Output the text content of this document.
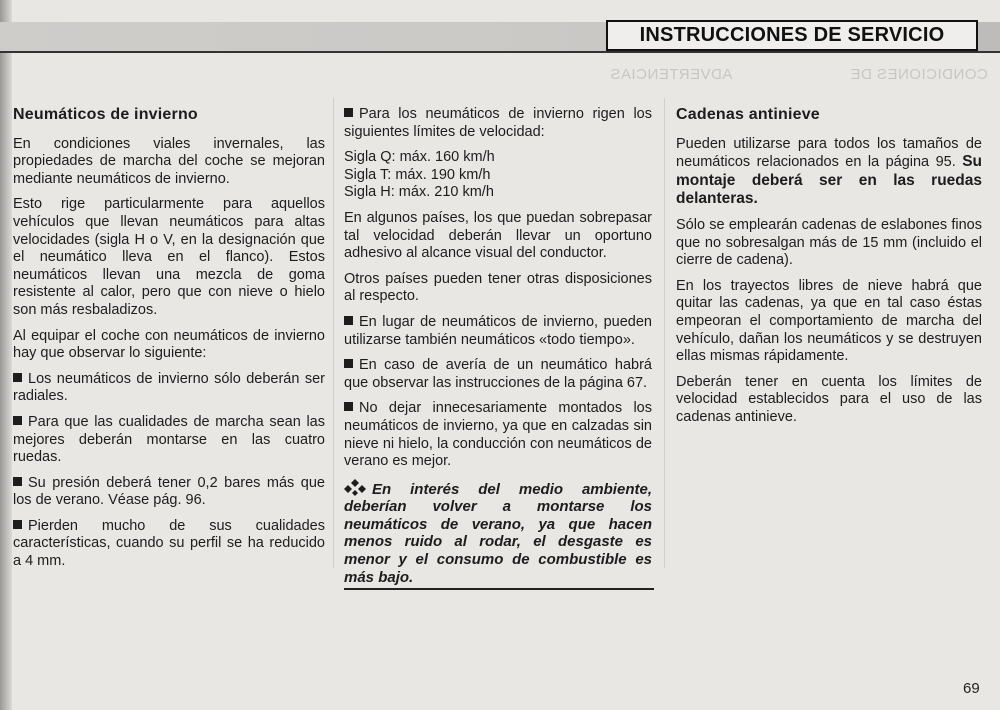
INSTRUCCIONES DE SERVICIO
CONDICIONES DE
ADVERTENCIAS
Neumáticos de invierno

En condiciones viales invernales, las propiedades de marcha del coche se mejoran mediante neumáticos de invierno.

Esto rige particularmente para aquellos vehículos que llevan neumáticos para altas velocidades (sigla H o V, en la designación que el neumático lleva en el flanco). Estos neumáticos llevan una mezcla de goma resistente al calor, pero que con nieve o hielo son más resbaladizos.

Al equipar el coche con neumáticos de invierno hay que observar lo siguiente:

Los neumáticos de invierno sólo deberán ser radiales.

Para que las cualidades de marcha sean las mejores deberán montarse en las cuatro ruedas.

Su presión deberá tener 0,2 bares más que los de verano. Véase pág. 96.

Pierden mucho de sus cualidades características, cuando su perfil se ha reducido a 4 mm.

Para los neumáticos de invierno rigen los siguientes límites de velocidad:

Sigla Q: máx. 160 km/h

Sigla T: máx. 190 km/h

Sigla H: máx. 210 km/h

En algunos países, los que puedan sobrepasar tal velocidad deberán llevar un oportuno adhesivo al alcance visual del conductor.

Otros países pueden tener otras disposiciones al respecto.

En lugar de neumáticos de invierno, pueden utilizarse también neumáticos «todo tiempo».

En caso de avería de un neumático habrá que observar las instrucciones de la página 67.

No dejar innecesariamente montados los neumáticos de invierno, ya que en calzadas sin nieve ni hielo, la conducción con neumáticos de verano es mejor.

En interés del medio ambiente, deberían volver a montarse los neumáticos de verano, ya que hacen menos ruido al rodar, el desgaste es menor y el consumo de combustible es más bajo.
Cadenas antinieve

Pueden utilizarse para todos los tamaños de neumáticos relacionados en la página 95. Su montaje deberá ser en las ruedas delanteras.

Sólo se emplearán cadenas de eslabones finos que no sobresalgan más de 15 mm (incluido el cierre de cadena).

En los trayectos libres de nieve habrá que quitar las cadenas, ya que en tal caso éstas empeoran el comportamiento de marcha del vehículo, dañan los neumáticos y se destruyen ellas mismas rápidamente.

Deberán tener en cuenta los límites de velocidad establecidos para el uso de las cadenas antinieve.

69
